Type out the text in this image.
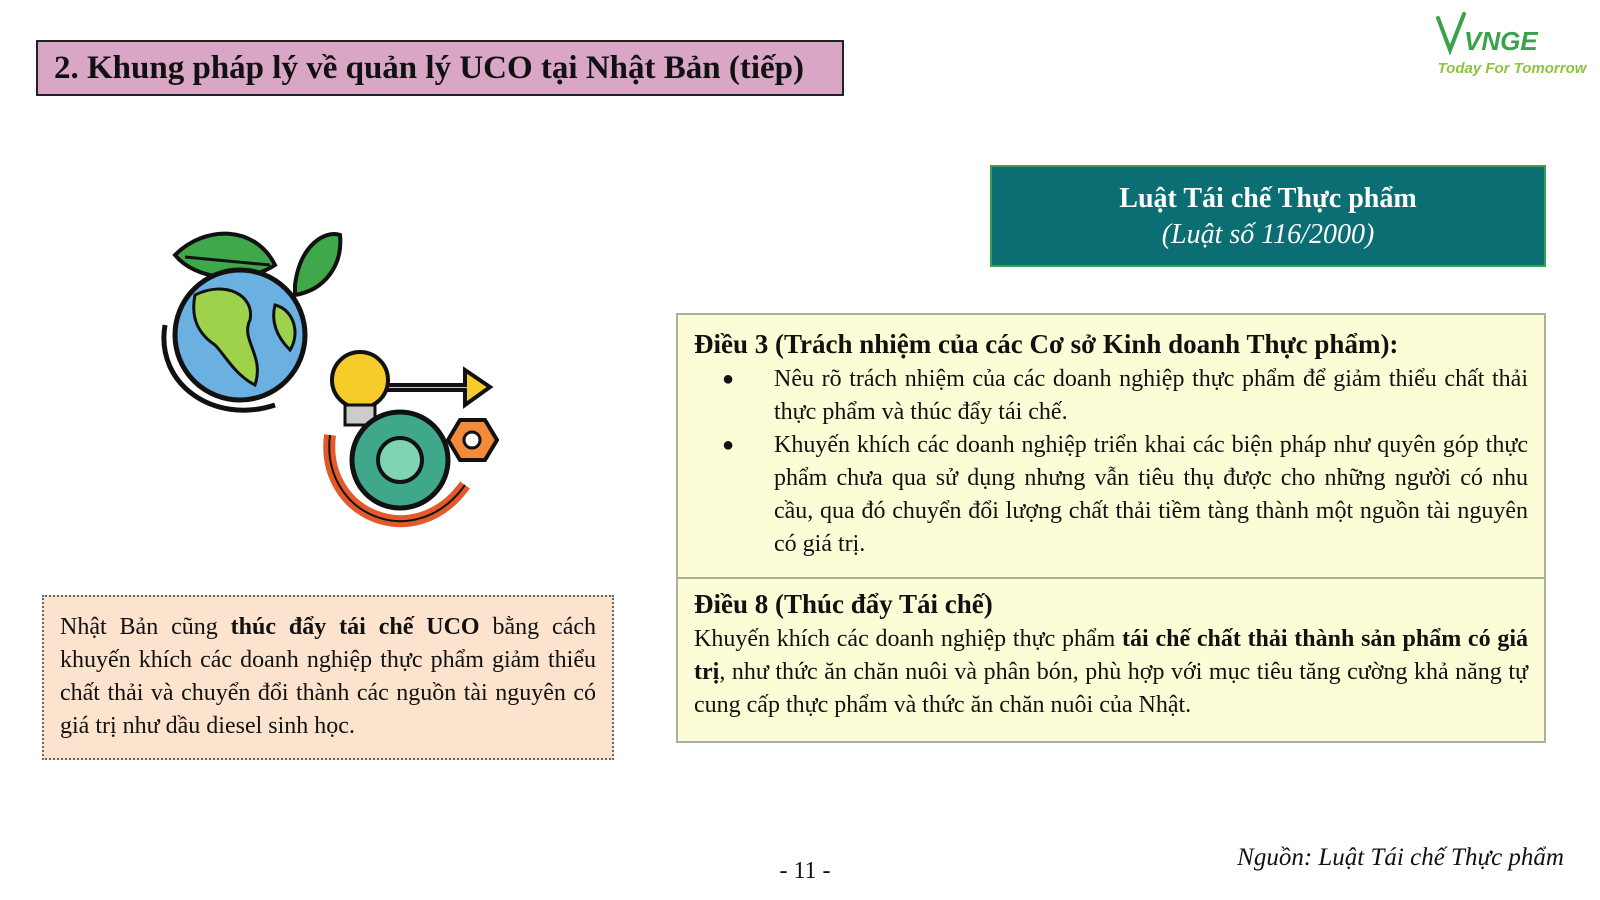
2. Khung pháp lý về quản lý UCO tại Nhật Bản (tiếp)
VNGE
Today For Tomorrow
Luật Tái chế Thực phẩm
(Luật số 116/2000)
Điều 3 (Trách nhiệm của các Cơ sở Kinh doanh Thực phẩm):
●	Nêu rõ trách nhiệm của các doanh nghiệp thực phẩm để giảm thiểu chất thải thực phẩm và thúc đẩy tái chế.
●	Khuyến khích các doanh nghiệp triển khai các biện pháp như quyên góp thực phẩm chưa qua sử dụng nhưng vẫn tiêu thụ được cho những người có nhu cầu, qua đó chuyển đổi lượng chất thải tiềm tàng thành một nguồn tài nguyên có giá trị.
Điều 8 (Thúc đẩy Tái chế)
Khuyến khích các doanh nghiệp thực phẩm tái chế chất thải thành sản phẩm có giá trị, như thức ăn chăn nuôi và phân bón, phù hợp với mục tiêu tăng cường khả năng tự cung cấp thực phẩm và thức ăn chăn nuôi của Nhật.
Nhật Bản cũng thúc đẩy tái chế UCO bằng cách khuyến khích các doanh nghiệp thực phẩm giảm thiểu chất thải và chuyển đổi thành các nguồn tài nguyên có giá trị như dầu diesel sinh học.
- 11 -	Nguồn: Luật Tái chế Thực phẩm
